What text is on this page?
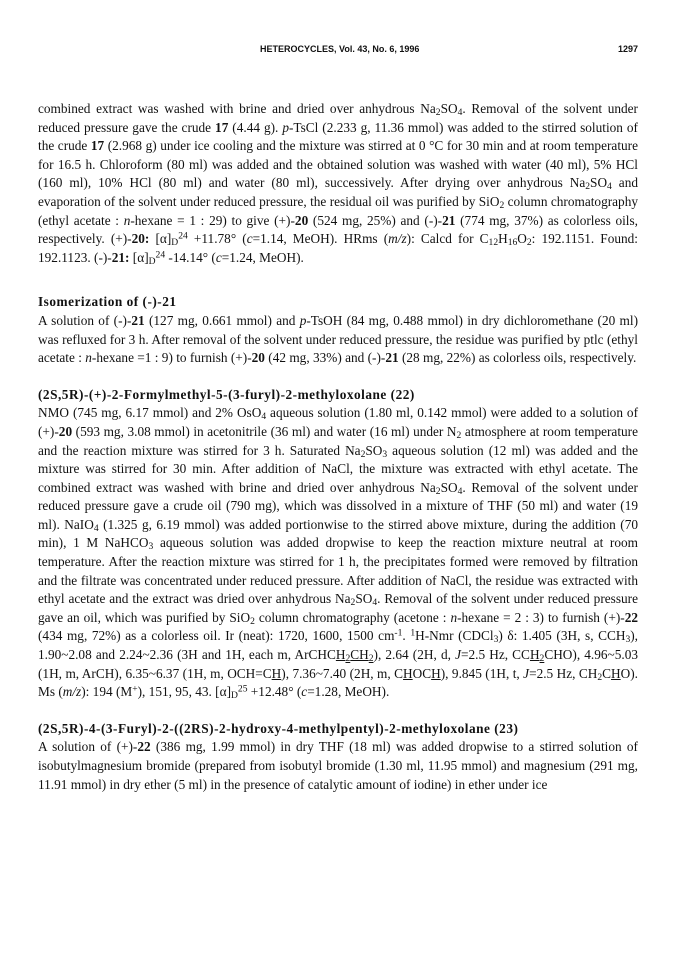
HETEROCYCLES, Vol. 43, No. 6, 1996	1297

combined extract was washed with brine and dried over anhydrous $Na_2SO_4$. Removal of the solvent under reduced pressure gave the crude 17 (4.44 g). p-TsCl (2.233 g, 11.36 mmol) was added to the stirred solution of the crude 17 (2.968 g) under ice cooling and the mixture was stirred at 0 °C for 30 min and at room temperature for 16.5 h. Chloroform (80 ml) was added and the obtained solution was washed with water (40 ml), 5% HCl (160 ml), 10% HCl (80 ml) and water (80 ml), successively. After drying over anhydrous $Na_2SO_4$ and evaporation of the solvent under reduced pressure, the residual oil was purified by SiO$_2$ column chromatography (ethyl acetate : n-hexane = 1 : 29) to give (+)-20 (524 mg, 25%) and (-)-21 (774 mg, 37%) as colorless oils, respectively. (+)-20: $[\alpha]_D^{24} +11.78^\circ$ (c=1.14, MeOH). HRms (m/z): Calcd for $C_{12}H_{16}O_2$: 192.1151. Found: 192.1123. (-)-21: $[\alpha]_D^{24}$ -14.14° (c=1.24, MeOH).

Isomerization of (-)-21

A solution of (-)-21 (127 mg, 0.661 mmol) and p-TsOH (84 mg, 0.488 mmol) in dry dichloromethane (20 ml) was refluxed for 3 h. After removal of the solvent under reduced pressure, the residue was purified by ptlc (ethyl acetate : n-hexane =1 : 9) to furnish (+)-20 (42 mg, 33%) and (-)-21 (28 mg, 22%) as colorless oils, respectively.

(2S,5R)-(+)-2-Formylmethyl-5-(3-furyl)-2-methyloxolane (22)

NMO (745 mg, 6.17 mmol) and 2% OsO$_4$ aqueous solution (1.80 ml, 0.142 mmol) were added to a solution of (+)-20 (593 mg, 3.08 mmol) in acetonitrile (36 ml) and water (16 ml) under $N_2$ atmosphere at room temperature and the reaction mixture was stirred for 3 h. Saturated $Na_2SO_3$ aqueous solution (12 ml) was added and the mixture was stirred for 30 min. After addition of NaCl, the mixture was extracted with ethyl acetate. The combined extract was washed with brine and dried over anhydrous $Na_2SO_4$. Removal of the solvent under reduced pressure gave a crude oil (790 mg), which was dissolved in a mixture of THF (50 ml) and water (19 ml). NaIO$_4$ (1.325 g, 6.19 mmol) was added portionwise to the stirred above mixture, during the addition (70 min), 1 M NaHCO$_3$ aqueous solution was added dropwise to keep the reaction mixture neutral at room temperature. After the reaction mixture was stirred for 1 h, the precipitates formed were removed by filtration and the filtrate was concentrated under reduced pressure. After addition of NaCl, the residue was extracted with ethyl acetate and the extract was dried over anhydrous $Na_2SO_4$. Removal of the solvent under reduced pressure gave an oil, which was purified by SiO$_2$ column chromatography (acetone : n-hexane = 2 : 3) to furnish (+)-22 (434 mg, 72%) as a colorless oil. Ir (neat): 1720, 1600, 1500 $cm^{-1}$. $^1$H-Nmr (CDCl$_3$) δ: 1.405 (3H, s, $CCH_3$), 1.90~2.08 and 2.24~2.36 (3H and 1H, each m, $ArCHCH_2CH_2$), 2.64 (2H, d, J=2.5 Hz, $CCH_2CHO$), 4.96~5.03 (1H, m, ArCH), 6.35~6.37 (1H, m, OCH=CH), 7.36~7.40 (2H, m, CHOCH), 9.845 (1H, t, J=2.5 Hz, $CH_2CHO$). Ms (m/z): 194 (M+), 151, 95, 43. $[\alpha]_D^{25} +12.48^\circ$ (c=1.28, MeOH).

(2S,5R)-4-(3-Furyl)-2-((2RS)-2-hydroxy-4-methylpentyl)-2-methyloxolane (23)

A solution of (+)-22 (386 mg, 1.99 mmol) in dry THF (18 ml) was added dropwise to a stirred solution of isobutylmagnesium bromide (prepared from isobutyl bromide (1.30 ml, 11.95 mmol) and magnesium (291 mg, 11.91 mmol) in dry ether (5 ml) in the presence of catalytic amount of iodine) in ether under ice
